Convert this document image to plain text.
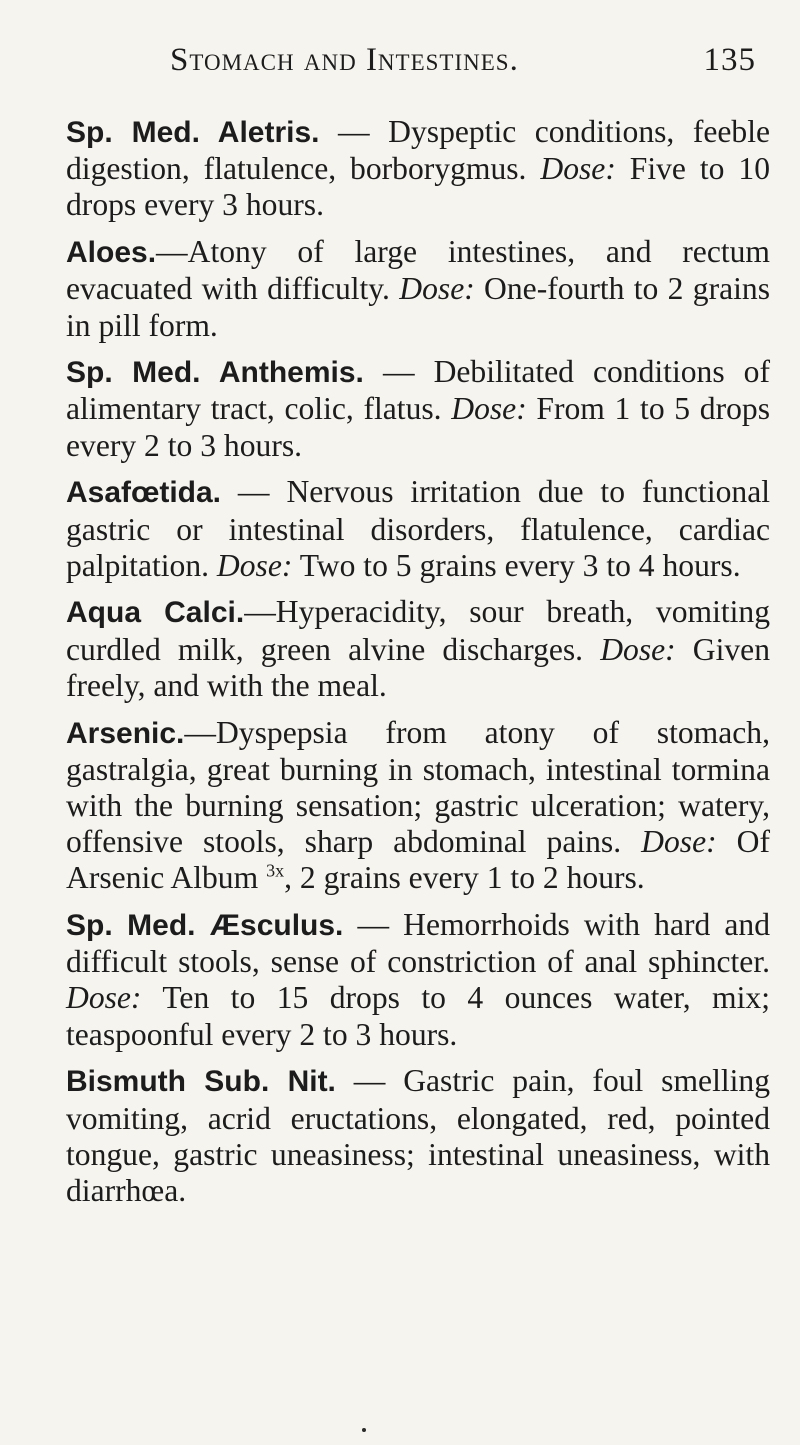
Stomach and Intestines.	135

Sp. Med. Aletris. — Dyspeptic conditions, feeble digestion, flatulence, borborygmus. Dose: Five to 10 drops every 3 hours.

Aloes.—Atony of large intestines, and rectum evacuated with difficulty. Dose: One-fourth to 2 grains in pill form.

Sp. Med. Anthemis. — Debilitated conditions of alimentary tract, colic, flatus. Dose: From 1 to 5 drops every 2 to 3 hours.

Asafœtida. — Nervous irritation due to functional gastric or intestinal disorders, flatulence, cardiac palpitation. Dose: Two to 5 grains every 3 to 4 hours.

Aqua Calci.—Hyperacidity, sour breath, vomiting curdled milk, green alvine discharges. Dose: Given freely, and with the meal.

Arsenic.—Dyspepsia from atony of stomach, gastralgia, great burning in stomach, intestinal tormina with the burning sensation; gastric ulceration; watery, offensive stools, sharp abdominal pains. Dose: Of Arsenic Album $^{3x}$, 2 grains every 1 to 2 hours.

Sp. Med. Æsculus. — Hemorrhoids with hard and difficult stools, sense of constriction of anal sphincter. Dose: Ten to 15 drops to 4 ounces water, mix; teaspoonful every 2 to 3 hours.

Bismuth Sub. Nit. — Gastric pain, foul smelling vomiting, acrid eructations, elongated, red, pointed tongue, gastric uneasiness; intestinal uneasiness, with diarrhœa.
